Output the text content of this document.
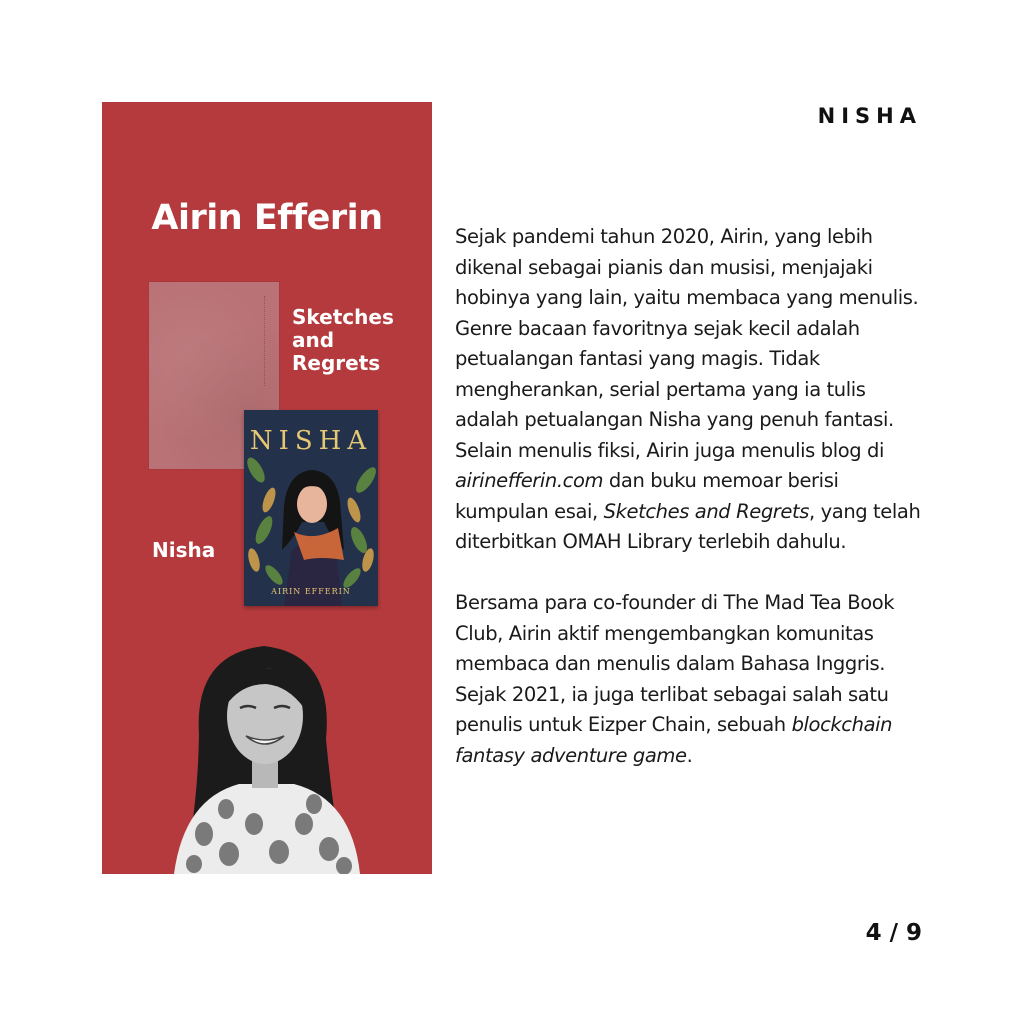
Airin Efferin
Sketches and Regrets
NISHA
AIRIN EFFERIN
Nisha
NISHA

Sejak pandemi tahun 2020, Airin, yang lebih dikenal sebagai pianis dan musisi, menjajaki hobinya yang lain, yaitu membaca yang menulis. Genre bacaan favoritnya sejak kecil adalah petualangan fantasi yang magis. Tidak mengherankan, serial pertama yang ia tulis adalah petualangan Nisha yang penuh fantasi. Selain menulis fiksi, Airin juga menulis blog di airinefferin.com dan buku memoar berisi kumpulan esai, Sketches and Regrets, yang telah diterbitkan OMAH Library terlebih dahulu.

Bersama para co-founder di The Mad Tea Book Club, Airin aktif mengembangkan komunitas membaca dan menulis dalam Bahasa Inggris. Sejak 2021, ia juga terlibat sebagai salah satu penulis untuk Eizper Chain, sebuah blockchain fantasy adventure game.

4 / 9
